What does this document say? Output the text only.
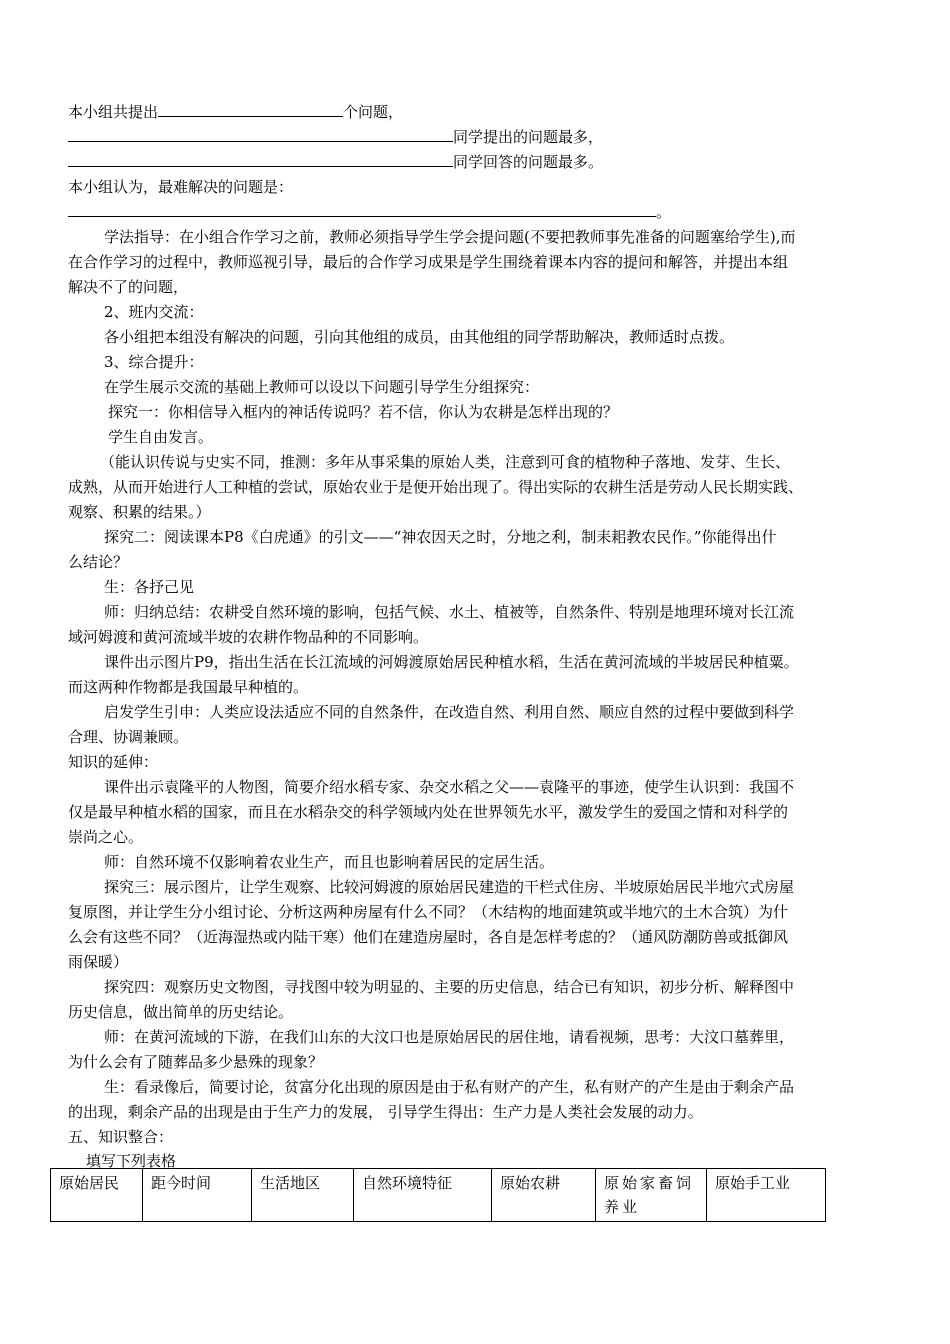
本小组共提出	个问题，
同学提出的问题最多，
同学回答的问题最多。
本小组认为，最难解决的问题是：
。
学法指导：在小组合作学习之前，教师必须指导学生学会提问题(不要把教师事先准备的问题塞给学生),而
在合作学习的过程中，教师巡视引导，最后的合作学习成果是学生围绕着课本内容的提问和解答，并提出本组
解决不了的问题，
2、班内交流：
各小组把本组没有解决的问题，引向其他组的成员，由其他组的同学帮助解决，教师适时点拨。
3、综合提升：
在学生展示交流的基础上教师可以设以下问题引导学生分组探究：
探究一：你相信导入框内的神话传说吗？若不信，你认为农耕是怎样出现的？
学生自由发言。
（能认识传说与史实不同，推测：多年从事采集的原始人类，注意到可食的植物种子落地、发芽、生长、
成熟，从而开始进行人工种植的尝试，原始农业于是便开始出现了。得出实际的农耕生活是劳动人民长期实践、
观察、积累的结果。）
探究二：阅读课本P8《白虎通》的引文——“神农因天之时，分地之利，制耒耜教农民作。”你能得出什
么结论？
生：各抒己见
师：归纳总结：农耕受自然环境的影响，包括气候、水土、植被等，自然条件、特别是地理环境对长江流
域河姆渡和黄河流域半坡的农耕作物品种的不同影响。
课件出示图片P9，指出生活在长江流域的河姆渡原始居民种植水稻，生活在黄河流域的半坡居民种植粟。
而这两种作物都是我国最早种植的。
启发学生引申：人类应设法适应不同的自然条件，在改造自然、利用自然、顺应自然的过程中要做到科学
合理、协调兼顾。
知识的延伸：
课件出示袁隆平的人物图，简要介绍水稻专家、杂交水稻之父——袁隆平的事迹，使学生认识到：我国不
仅是最早种植水稻的国家，而且在水稻杂交的科学领域内处在世界领先水平，激发学生的爱国之情和对科学的
崇尚之心。
师：自然环境不仅影响着农业生产，而且也影响着居民的定居生活。
探究三：展示图片，让学生观察、比较河姆渡的原始居民建造的干栏式住房、半坡原始居民半地穴式房屋
复原图，并让学生分小组讨论、分析这两种房屋有什么不同？（木结构的地面建筑或半地穴的土木合筑）为什
么会有这些不同？（近海湿热或内陆干寒）他们在建造房屋时，各自是怎样考虑的？（通风防潮防兽或抵御风
雨保暖）
探究四：观察历史文物图，寻找图中较为明显的、主要的历史信息，结合已有知识，初步分析、解释图中
历史信息，做出简单的历史结论。
师：在黄河流域的下游，在我们山东的大汶口也是原始居民的居住地，请看视频，思考：大汶口墓葬里，
为什么会有了随葬品多少悬殊的现象？
生：看录像后，简要讨论，贫富分化出现的原因是由于私有财产的产生，私有财产的产生是由于剩余产品
的出现，剩余产品的出现是由于生产力的发展， 引导学生得出：生产力是人类社会发展的动力。
五、知识整合：
填写下列表格
原始居民	距今时间	生活地区	自然环境特征	原始农耕	原始家畜饲养业	原始手工业
